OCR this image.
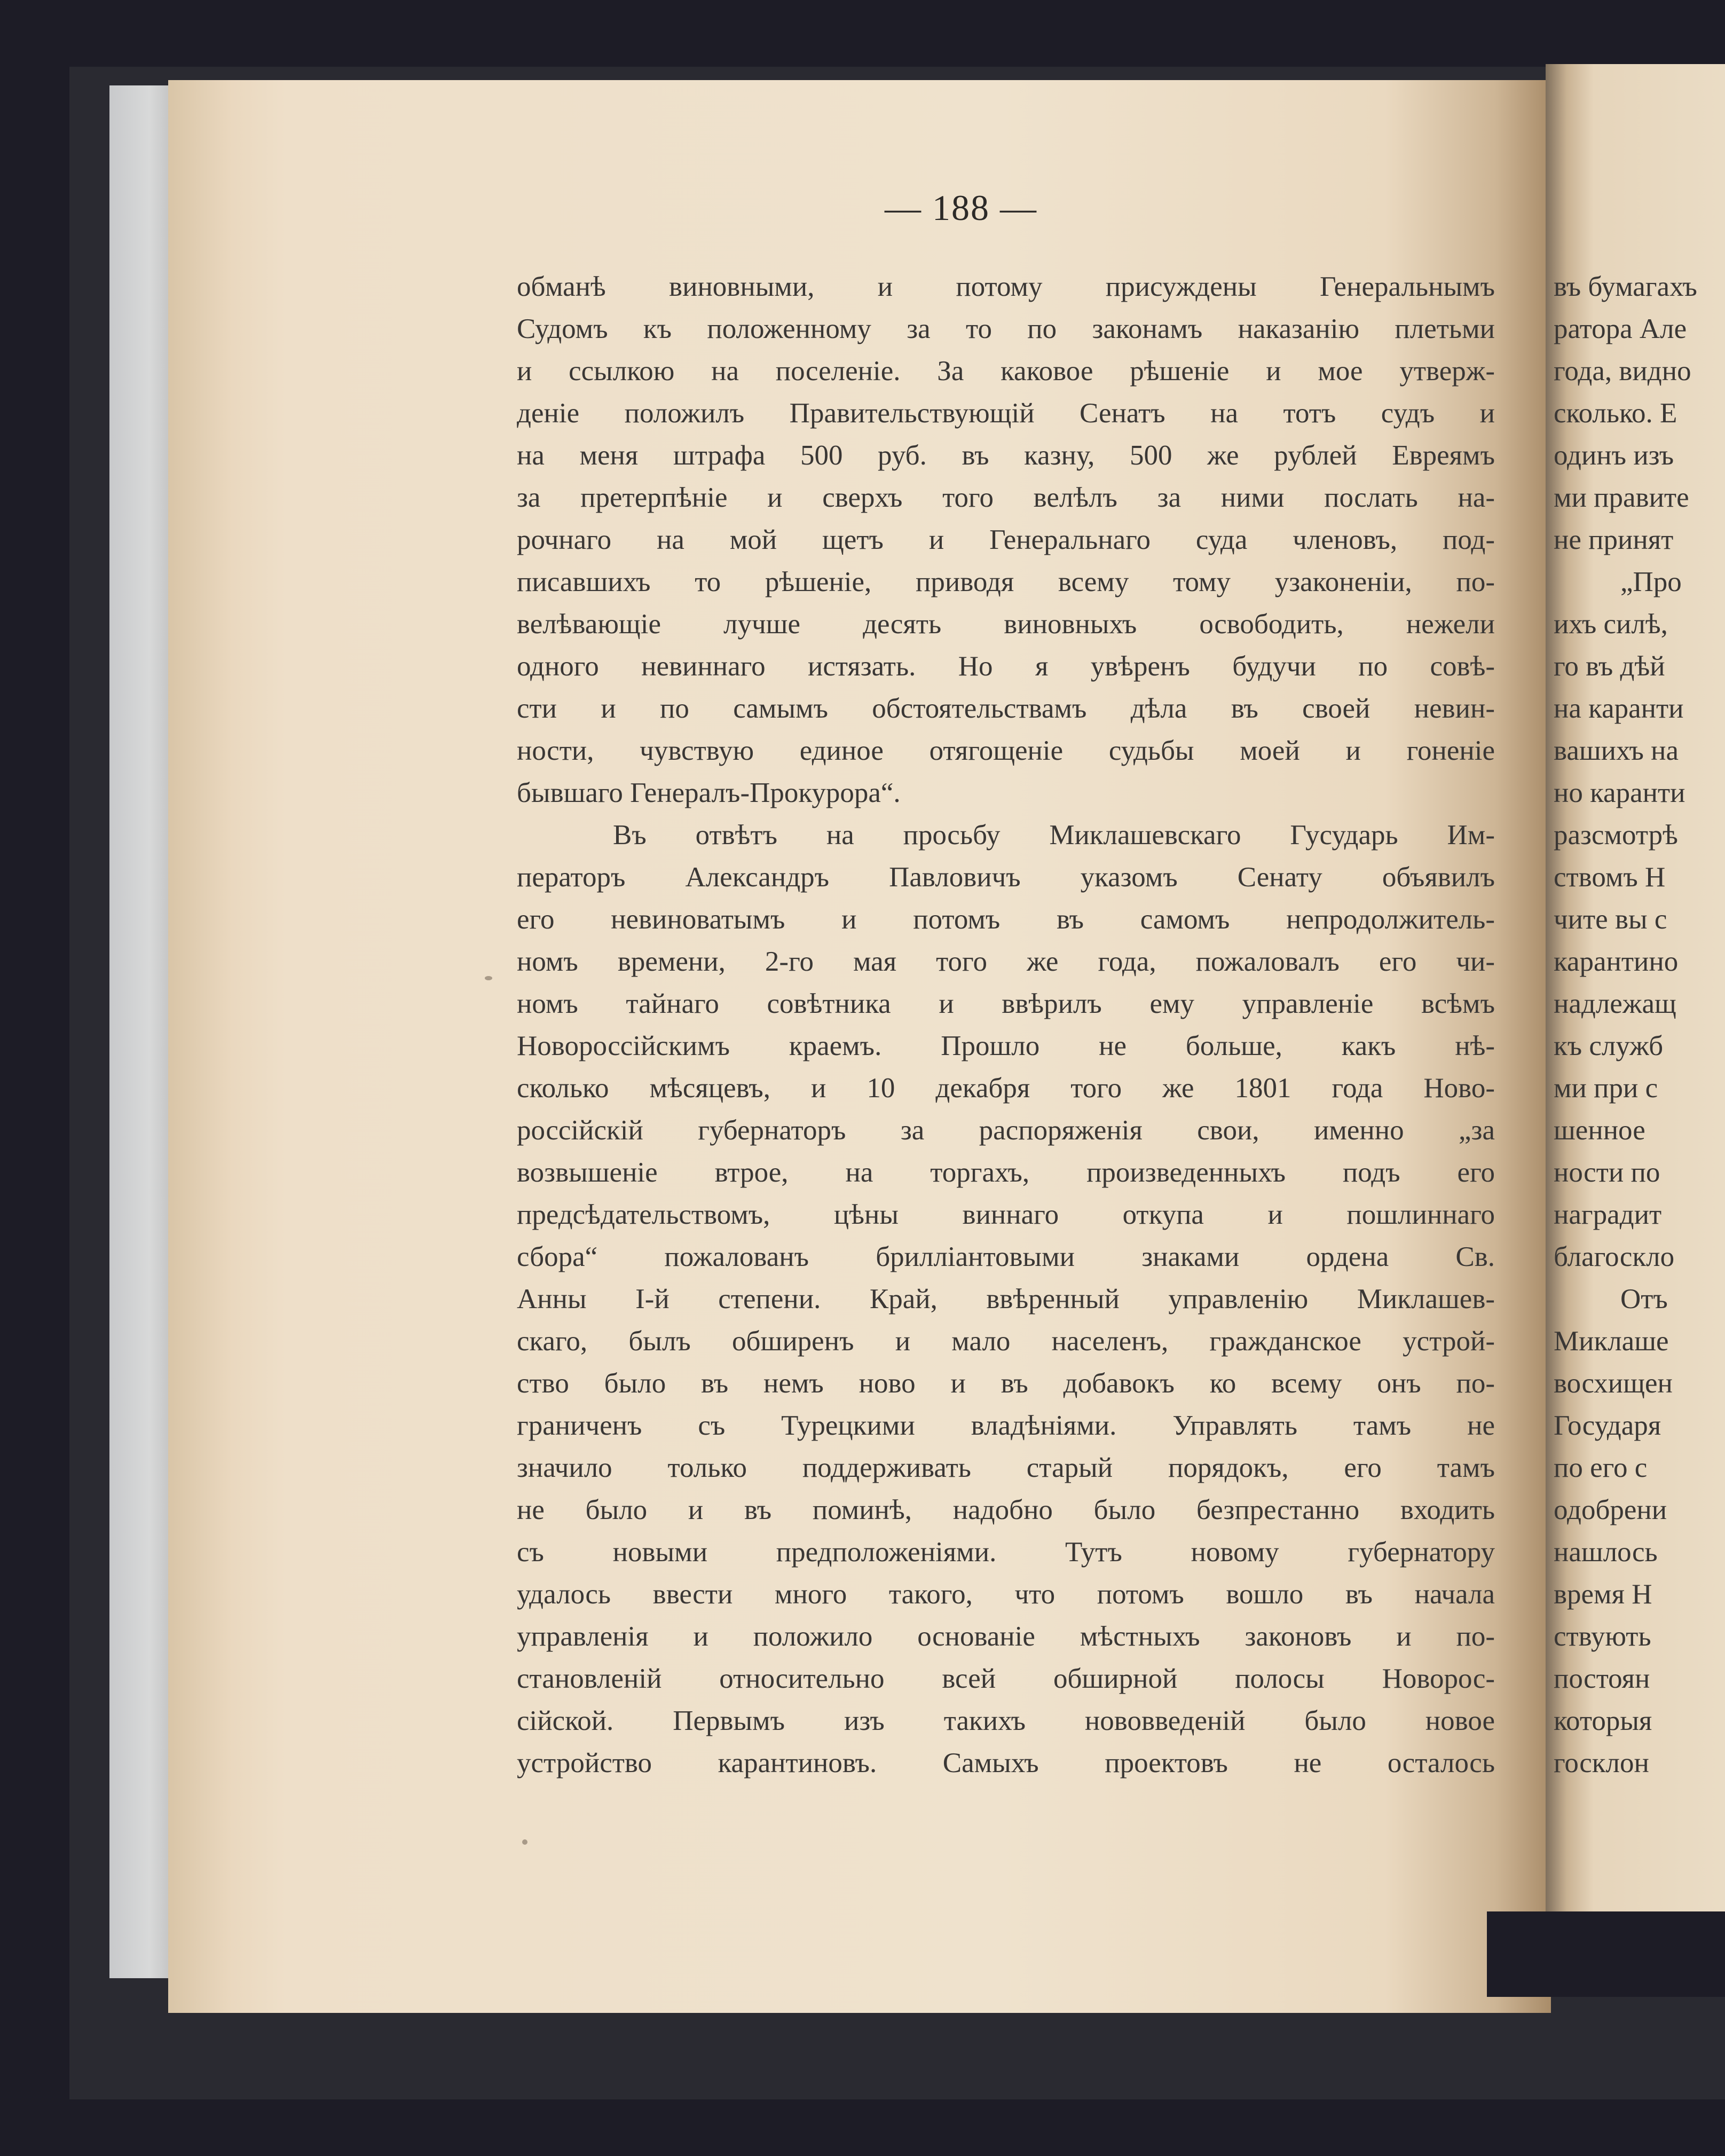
— 188 —
обманѣ виновными, и потому присуждены Генеральнымъ
Судомъ къ положенному за то по законамъ наказанію плетьми
и ссылкою на поселеніе. За каковое рѣшеніе и мое утверж-
деніе положилъ Правительствующій Сенатъ на тотъ судъ и
на меня штрафа 500 руб. въ казну, 500 же рублей Евреямъ
за претерпѣніе и сверхъ того велѣлъ за ними послать на-
рочнаго на мой щетъ и Генеральнаго суда членовъ, под-
писавшихъ то рѣшеніе, приводя всему тому узаконеніи, по-
велѣвающіе лучше десять виновныхъ освободить, нежели
одного невиннаго истязать. Но я увѣренъ будучи по совѣ-
сти и по самымъ обстоятельствамъ дѣла въ своей невин-
ности, чувствую единое отягощеніе судьбы моей и гоненіе
бывшаго Генералъ-Прокурора“.
Въ отвѣтъ на просьбу Миклашевскаго Гусударь Им-
ператоръ Александръ Павловичъ указомъ Сенату объявилъ
его невиноватымъ и потомъ въ самомъ непродолжитель-
номъ времени, 2-го мая того же года, пожаловалъ его чи-
номъ тайнаго совѣтника и ввѣрилъ ему управленіе всѣмъ
Новороссійскимъ краемъ. Прошло не больше, какъ нѣ-
сколько мѣсяцевъ, и 10 декабря того же 1801 года Ново-
россійскій губернаторъ за распоряженія свои, именно „за
возвышеніе втрое, на торгахъ, произведенныхъ подъ его
предсѣдательствомъ, цѣны виннаго откупа и пошлиннаго
сбора“ пожалованъ брилліантовыми знаками ордена Св.
Анны I-й степени. Край, ввѣренный управленію Миклашев-
скаго, былъ обширенъ и мало населенъ, гражданское устрой-
ство было въ немъ ново и въ добавокъ ко всему онъ по-
граниченъ съ Турецкими владѣніями. Управлять тамъ не
значило только поддерживать старый порядокъ, его тамъ
не было и въ поминѣ, надобно было безпрестанно входить
съ новыми предположеніями. Тутъ новому губернатору
удалось ввести много такого, что потомъ вошло въ начала
управленія и положило основаніе мѣстныхъ законовъ и по-
становленій относительно всей обширной полосы Новорос-
сійской. Первымъ изъ такихъ нововведеній было новое
устройство карантиновъ. Самыхъ проектовъ не осталось
въ бумагахъ
ратора Але
года, видно
сколько. Е
одинъ изъ
ми правите
не принят
„Про
ихъ силѣ,
го въ дѣй
на каранти
вашихъ на
но каранти
разсмотрѣ
ствомъ Н
чите вы с
карантино
надлежащ
къ служб
ми при с
шенное
ности по
наградит
благоскло
Отъ
Миклаше
восхищен
Государя
по его с
одобрени
нашлось
время Н
ствують
постоян
которыя
госклон
